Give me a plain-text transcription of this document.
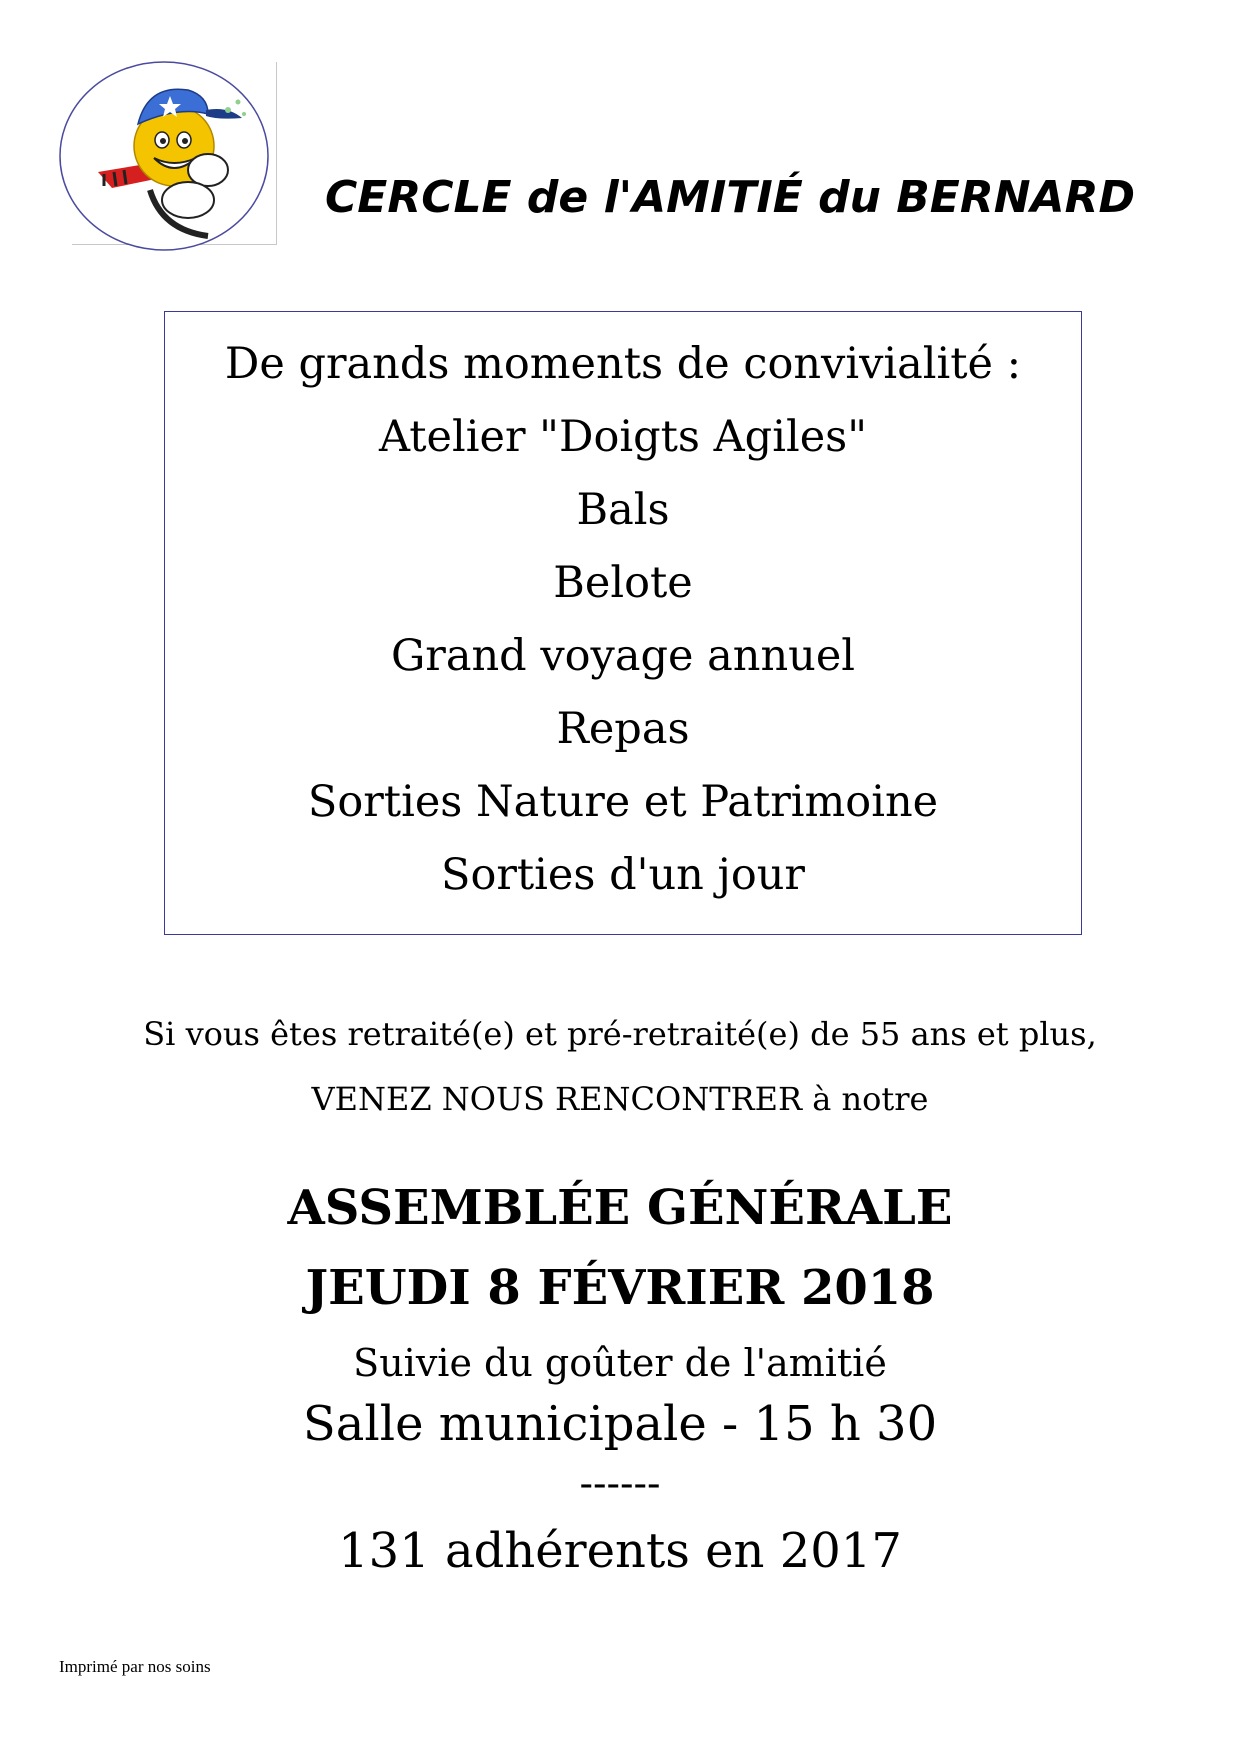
CERCLE de l'AMITIÉ du BERNARD
De grands moments de convivialité :
Atelier "Doigts Agiles"
Bals
Belote
Grand voyage annuel
Repas
Sorties Nature et Patrimoine
Sorties d'un jour
Si vous êtes retraité(e) et pré-retraité(e) de 55 ans et plus,
VENEZ NOUS RENCONTRER à notre
ASSEMBLÉE GÉNÉRALE
JEUDI 8 FÉVRIER 2018
Suivie du goûter de l'amitié
Salle municipale - 15 h 30
------
131 adhérents en 2017
Imprimé par nos soins
